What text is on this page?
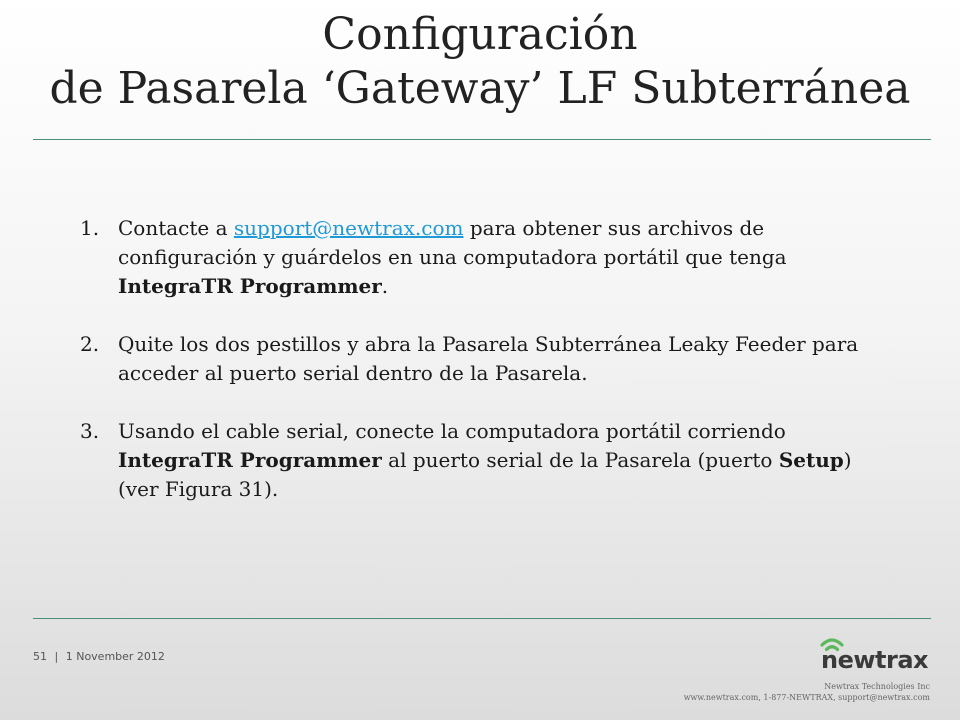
Configuración
de Pasarela ‘Gateway’ LF Subterránea
1. Contacte a support@newtrax.com para obtener sus archivos de configuración y guárdelos en una computadora portátil que tenga IntegraTR Programmer.
2. Quite los dos pestillos y abra la Pasarela Subterránea Leaky Feeder para acceder al puerto serial dentro de la Pasarela.
3. Usando el cable serial, conecte la computadora portátil corriendo IntegraTR Programmer al puerto serial de la Pasarela (puerto Setup) (ver Figura 31).
51 | 1 November 2012	newtrax
Newtrax Technologies Inc
www.newtrax.com, 1-877-NEWTRAX, support@newtrax.com
